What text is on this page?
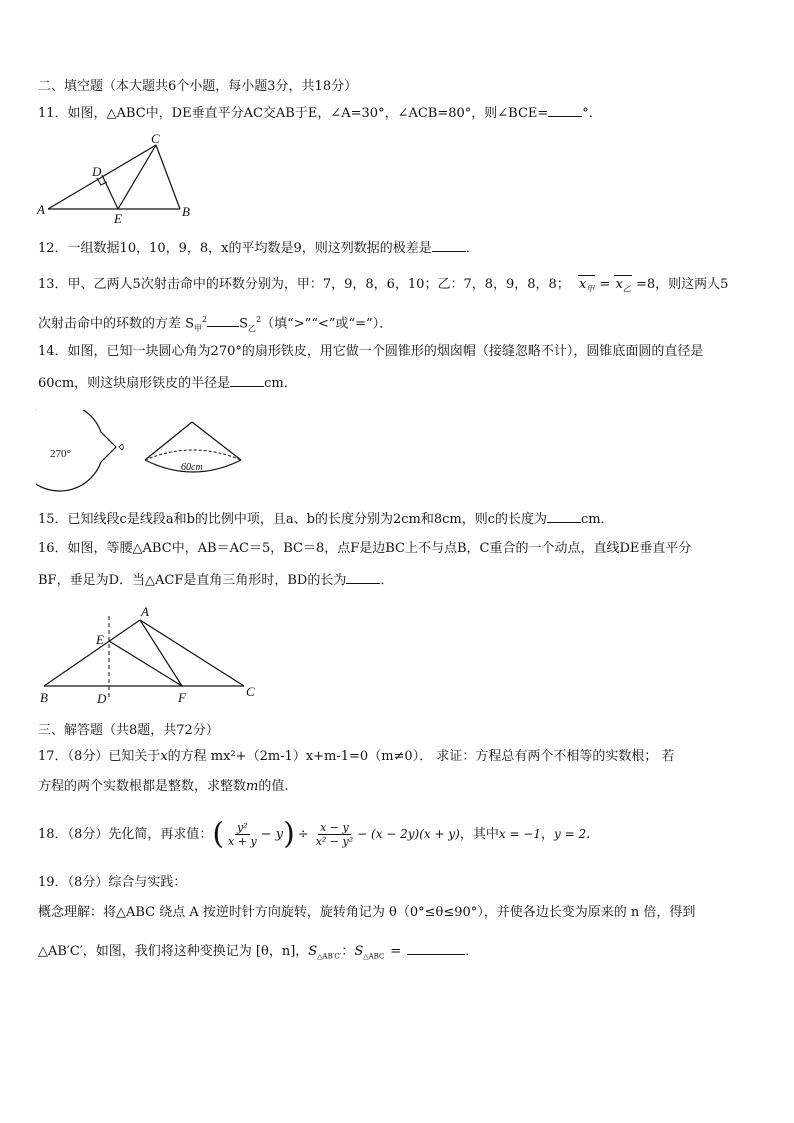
二、填空题（本大题共6个小题，每小题3分，共18分）
11．如图，△ABC中，DE垂直平分AC交AB于E，∠A=30°，∠ACB=80°，则∠BCE=	°．
A	B
C
D
E
12．一组数据10，10，9，8，x的平均数是9，则这列数据的极差是	．
13．甲、乙两人5次射击命中的环数分别为，甲：7，9，8，6，10；乙：7，8，9，8，8； $x_甲 = x_乙 =8$，则这两人5
次射击命中的环数的方差 $S_甲^2$ $S_乙^2$（填“>”“<”或“=”）．
14．如图，已知一块圆心角为270°的扇形铁皮，用它做一个圆锥形的烟囱帽（接缝忽略不计），圆锥底面圆的直径是
60cm，则这块扇形铁皮的半径是	cm．
270°
60cm
15．已知线段c是线段a和b的比例中项，且a、b的长度分别为2cm和8cm，则c的长度为	cm．
16．如图，等腰△ABC中，AB＝AC＝5，BC＝8，点F是边BC上不与点B，C重合的一个动点，直线DE垂直平分
BF，垂足为D．当△ACF是直角三角形时，BD的长为	．
A
B	C
D
E
F
三、解答题（共8题，共72分）
17．（8分）已知关于x的方程 mx²+（2m-1）x+m-1=0（m≠0）． 求证：方程总有两个不相等的实数根； 若
方程的两个实数根都是整数，求整数m的值.
18．（8分）先化简，再求值：( $\frac{\text{y²}}{x + y} - y) \div \frac{x - y}{\text{x² − y²}} - (x - 2y)(x + y)$，其中x = −1，y = 2.
19．（8分）综合与实践：
概念理解：将△ABC 绕点 A 按逆时针方向旋转，旋转角记为 θ（0°≤θ≤90°），并使各边长变为原来的 n 倍，得到
△AB′C′，如图，我们将这种变换记为 [θ，n]，$S_{\triangle AB'C'}$：$S_{\triangle ABC}$ =	．
